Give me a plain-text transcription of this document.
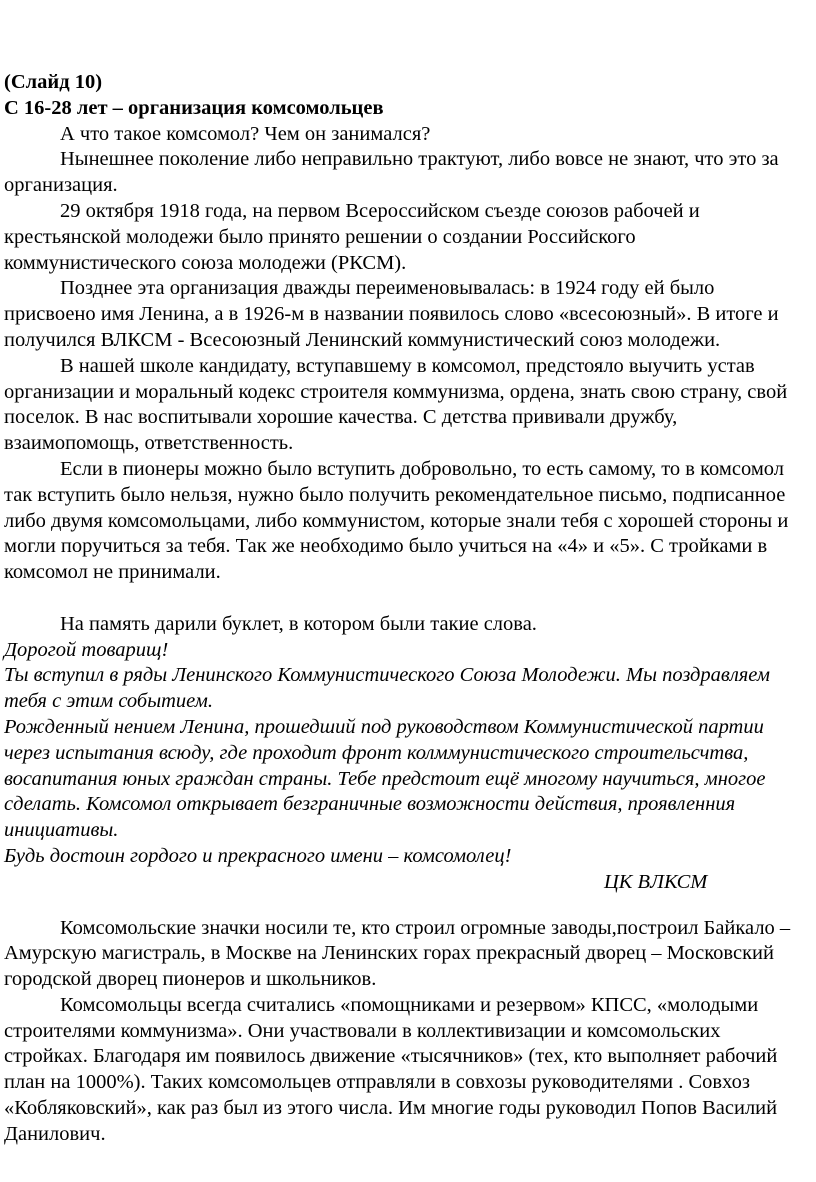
(Слайд 10)

С 16-28 лет – организация комсомольцев

А что такое комсомол? Чем он занимался?

Нынешнее поколение либо неправильно трактуют, либо вовсе не знают, что это за организация.

29 октября 1918 года, на первом Всероссийском съезде союзов рабочей и крестьянской молодежи было принято решении о создании Российского коммунистического союза молодежи (РКСМ).

Позднее эта организация дважды переименовывалась: в 1924 году ей было присвоено имя Ленина, а в 1926-м в названии появилось слово «всесоюзный». В итоге и получился ВЛКСМ - Всесоюзный Ленинский коммунистический союз молодежи.

В нашей школе кандидату, вступавшему в комсомол, предстояло выучить устав организации и моральный кодекс строителя коммунизма, ордена, знать свою страну, свой поселок. В нас воспитывали хорошие качества. С детства прививали дружбу, взаимопомощь, ответственность.

Если в пионеры можно было вступить добровольно, то есть самому, то в комсомол так вступить было нельзя, нужно было получить рекомендательное письмо, подписанное либо двумя комсомольцами, либо коммунистом, которые знали тебя с хорошей стороны и могли поручиться за тебя. Так же необходимо было учиться на «4» и «5». С тройками в комсомол не принимали.

На память дарили буклет, в котором были такие слова.

Дорогой товарищ!

Ты вступил в ряды Ленинского Коммунистического Союза Молодежи. Мы поздравляем тебя с этим событием.

Рожденный нением Ленина, прошедший под руководством Коммунистической партии через испытания всюду, где проходит фронт колммунистического строительсчтва, восапитания юных граждан страны. Тебе предстоит ещё многому научиться, многое сделать. Комсомол открывает безграничные возможности действия, проявленния инициативы.

Будь достоин гордого и прекрасного имени – комсомолец!

ЦК ВЛКСМ

Комсомольские значки носили те, кто строил огромные заводы,построил Байкало – Амурскую магистраль, в Москве на Ленинских горах прекрасный дворец – Московский городской дворец пионеров и школьников.

Комсомольцы всегда считались «помощниками и резервом» КПСС, «молодыми строителями коммунизма». Они участвовали в коллективизации и комсомольских стройках. Благодаря им появилось движение «тысячников» (тех, кто выполняет рабочий план на 1000%). Таких комсомольцев отправляли в совхозы руководителями . Совхоз «Кобляковский», как раз был из этого числа. Им многие годы руководил Попов Василий Данилович.
